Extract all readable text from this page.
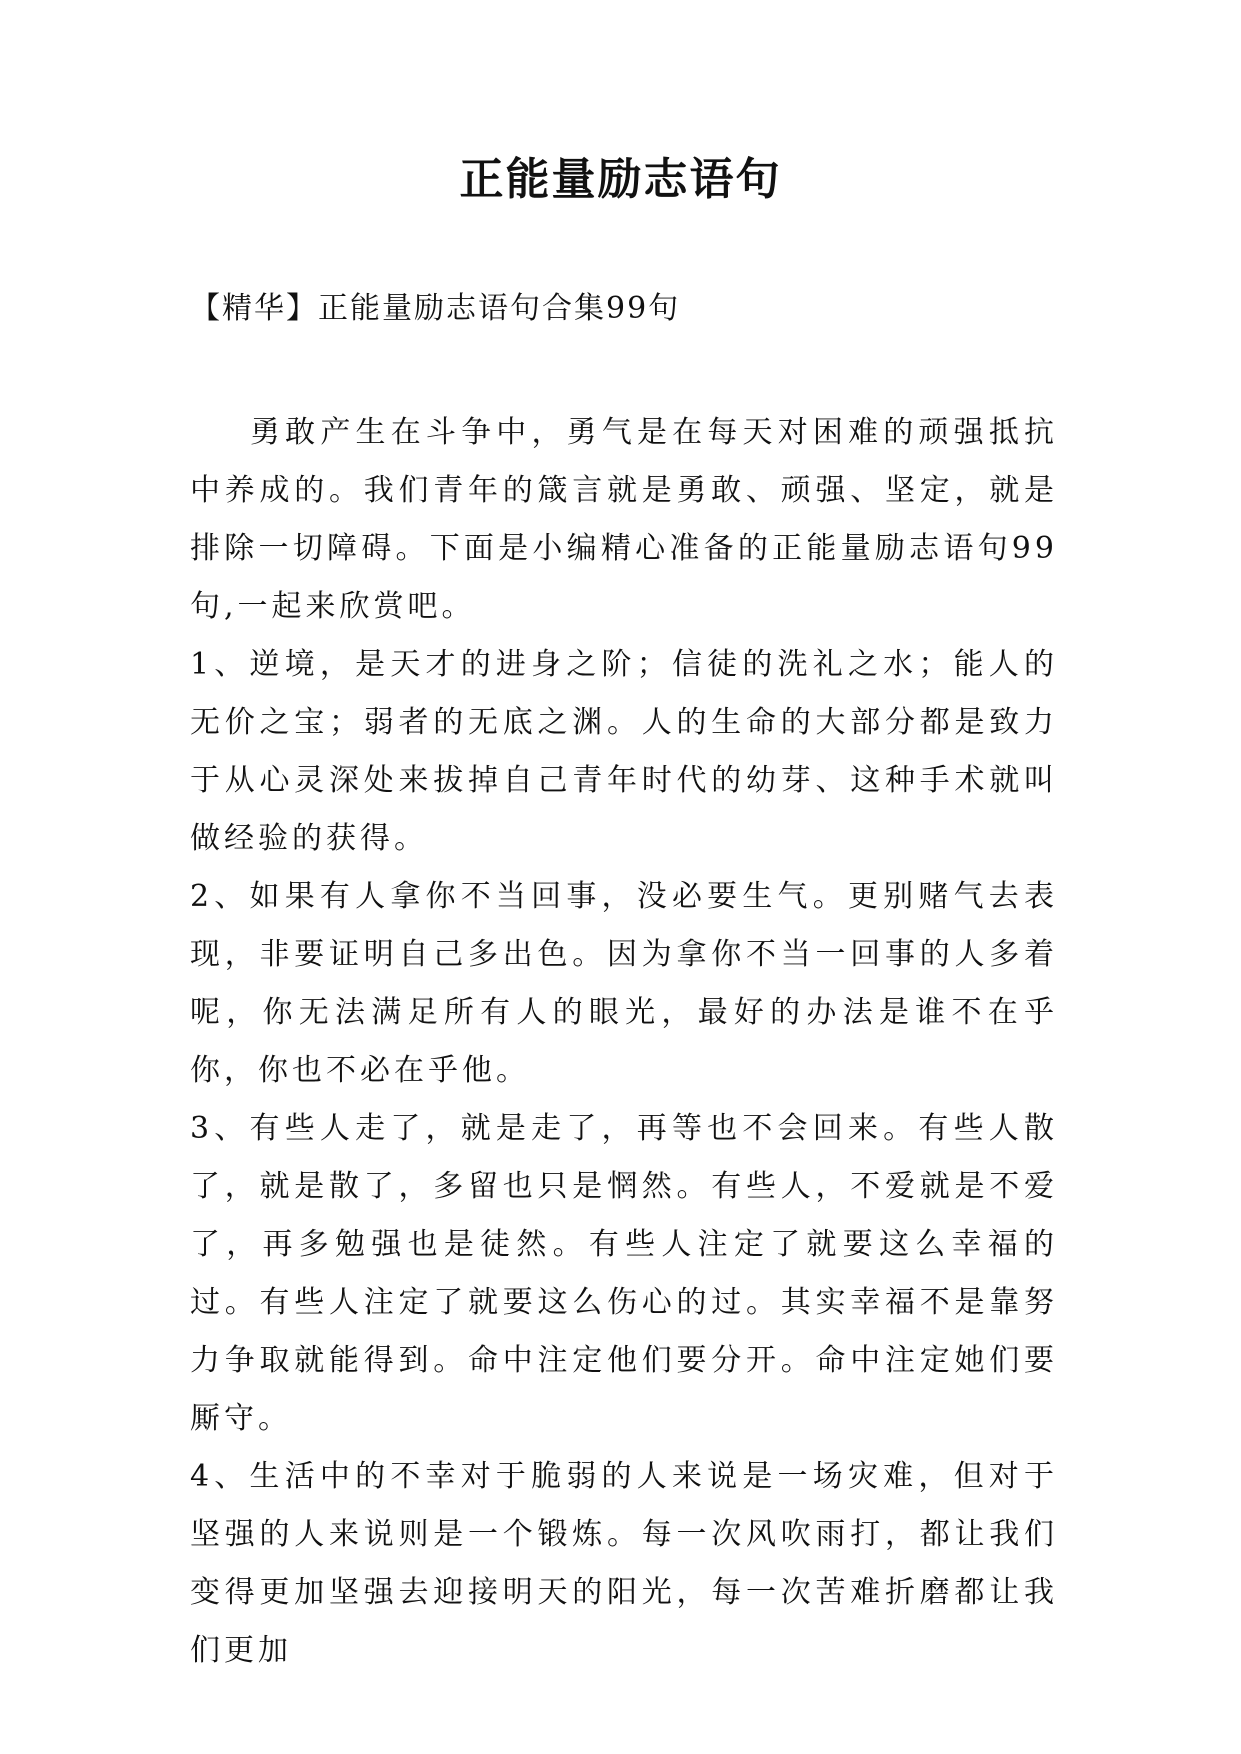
正能量励志语句

【精华】正能量励志语句合集99句

勇敢产生在斗争中，勇气是在每天对困难的顽强抵抗中养成的。我们青年的箴言就是勇敢、顽强、坚定，就是排除一切障碍。下面是小编精心准备的正能量励志语句99句,一起来欣赏吧。

1、逆境，是天才的进身之阶；信徒的洗礼之水；能人的无价之宝；弱者的无底之渊。人的生命的大部分都是致力于从心灵深处来拔掉自己青年时代的幼芽、这种手术就叫做经验的获得。

2、如果有人拿你不当回事，没必要生气。更别赌气去表现，非要证明自己多出色。因为拿你不当一回事的人多着呢，你无法满足所有人的眼光，最好的办法是谁不在乎你，你也不必在乎他。

3、有些人走了，就是走了，再等也不会回来。有些人散了，就是散了，多留也只是惘然。有些人，不爱就是不爱了，再多勉强也是徒然。有些人注定了就要这么幸福的过。有些人注定了就要这么伤心的过。其实幸福不是靠努力争取就能得到。命中注定他们要分开。命中注定她们要厮守。

4、生活中的不幸对于脆弱的人来说是一场灾难，但对于坚强的人来说则是一个锻炼。每一次风吹雨打，都让我们变得更加坚强去迎接明天的阳光，每一次苦难折磨都让我们更加
